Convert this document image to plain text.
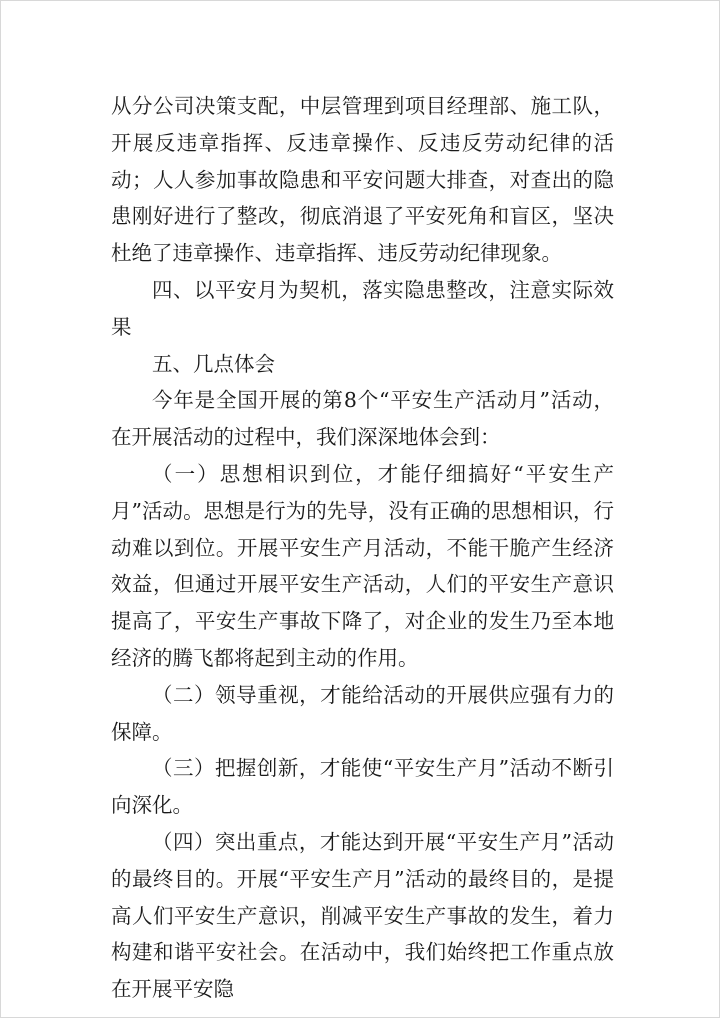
从分公司决策支配，中层管理到项目经理部、施工队，开展反违章指挥、反违章操作、反违反劳动纪律的活动；人人参加事故隐患和平安问题大排查，对查出的隐患刚好进行了整改，彻底消退了平安死角和盲区，坚决杜绝了违章操作、违章指挥、违反劳动纪律现象。

四、以平安月为契机，落实隐患整改，注意实际效果

五、几点体会

今年是全国开展的第8个“平安生产活动月”活动，在开展活动的过程中，我们深深地体会到：

（一）思想相识到位，才能仔细搞好“平安生产月”活动。思想是行为的先导，没有正确的思想相识，行动难以到位。开展平安生产月活动，不能干脆产生经济效益，但通过开展平安生产活动，人们的平安生产意识提高了，平安生产事故下降了，对企业的发生乃至本地经济的腾飞都将起到主动的作用。

（二）领导重视，才能给活动的开展供应强有力的保障。

（三）把握创新，才能使“平安生产月”活动不断引向深化。

（四）突出重点，才能达到开展“平安生产月”活动的最终目的。开展“平安生产月”活动的最终目的，是提高人们平安生产意识，削减平安生产事故的发生，着力构建和谐平安社会。在活动中，我们始终把工作重点放在开展平安隐
